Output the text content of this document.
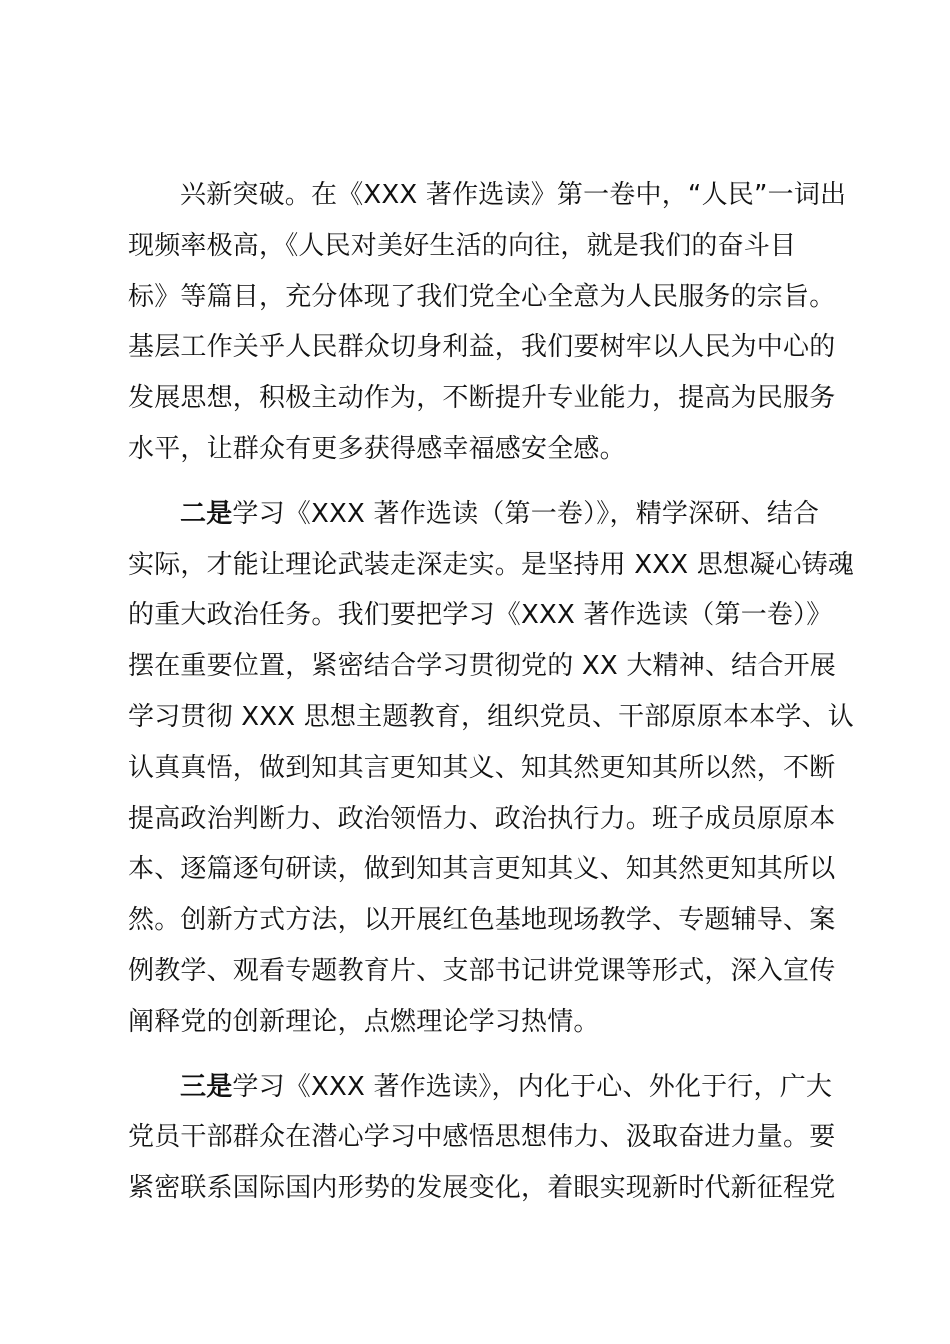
兴新突破。在《XXX 著作选读》第一卷中，“人民”一词出
现频率极高，《人民对美好生活的向往，就是我们的奋斗目
标》等篇目，充分体现了我们党全心全意为人民服务的宗旨。
基层工作关乎人民群众切身利益，我们要树牢以人民为中心的
发展思想，积极主动作为，不断提升专业能力，提高为民服务
水平，让群众有更多获得感幸福感安全感。

二是学习《XXX 著作选读（第一卷）》，精学深研、结合
实际，才能让理论武装走深走实。是坚持用 XXX 思想凝心铸魂
的重大政治任务。我们要把学习《XXX 著作选读（第一卷）》
摆在重要位置，紧密结合学习贯彻党的 XX 大精神、结合开展
学习贯彻 XXX 思想主题教育，组织党员、干部原原本本学、认
认真真悟，做到知其言更知其义、知其然更知其所以然，不断
提高政治判断力、政治领悟力、政治执行力。班子成员原原本
本、逐篇逐句研读，做到知其言更知其义、知其然更知其所以
然。创新方式方法，以开展红色基地现场教学、专题辅导、案
例教学、观看专题教育片、支部书记讲党课等形式，深入宣传
阐释党的创新理论，点燃理论学习热情。

三是学习《XXX 著作选读》，内化于心、外化于行，广大
党员干部群众在潜心学习中感悟思想伟力、汲取奋进力量。要
紧密联系国际国内形势的发展变化，着眼实现新时代新征程党
